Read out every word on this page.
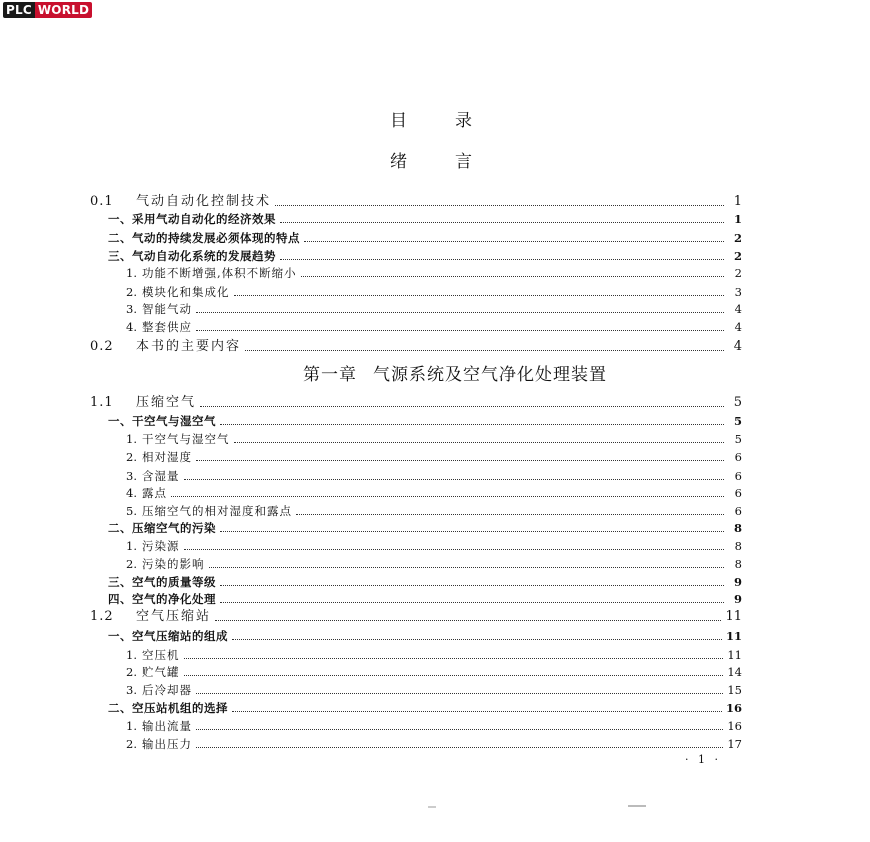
PLC WORLD
目录
绪言
第一章 气源系统及空气净化处理装置
0.1	气动自动化控制技术	1
一、采用气动自动化的经济效果	1
二、气动的持续发展必须体现的特点	2
三、气动自动化系统的发展趋势	2
1. 功能不断增强,体积不断缩小	2
2. 模块化和集成化	3
3. 智能气动	4
4. 整套供应	4
0.2	本书的主要内容	4
1.1	压缩空气	5
一、干空气与湿空气	5
1. 干空气与湿空气	5
2. 相对湿度	6
3. 含湿量	6
4. 露点	6
5. 压缩空气的相对湿度和露点	6
二、压缩空气的污染	8
1. 污染源	8
2. 污染的影响	8
三、空气的质量等级	9
四、空气的净化处理	9
1.2	空气压缩站	11
一、空气压缩站的组成	11
1. 空压机	11
2. 贮气罐	14
3. 后冷却器	15
二、空压站机组的选择	16
1. 输出流量	16
2. 输出压力	17
· 1 ·
